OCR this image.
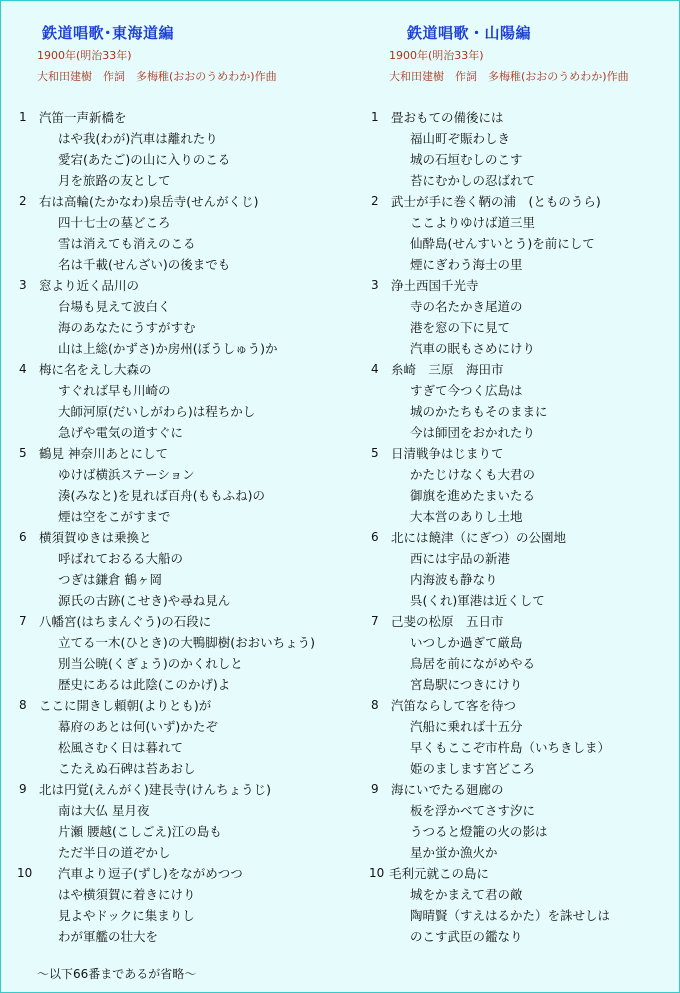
鉄道唱歌･東海道編
1900年(明治33年)
大和田建樹　作詞　多梅稚(おおのうめわか)作曲
1 汽笛一声新橋を
はや我(わが)汽車は離れたり
愛宕(あたご)の山に入りのこる
月を旅路の友として
2 右は高輪(たかなわ)泉岳寺(せんがくじ)
四十七士の墓どころ
雪は消えても消えのこる
名は千載(せんざい)の後までも
3 窓より近く品川の
台場も見えて波白く
海のあなたにうすがすむ
山は上総(かずさ)か房州(ぼうしゅう)か
4 梅に名をえし大森の
すぐれば早も川崎の
大師河原(だいしがわら)は程ちかし
急げや電気の道すぐに
5 鶴見 神奈川あとにして
ゆけば横浜ステーション
湊(みなと)を見れば百舟(ももふね)の
煙は空をこがすまで
6 横須賀ゆきは乗換と
呼ばれておるる大船の
つぎは鎌倉 鶴ヶ岡
源氏の古跡(こせき)や尋ね見ん
7 八幡宮(はちまんぐう)の石段に
立てる一木(ひとき)の大鴨脚樹(おおいちょう)
別当公暁(くぎょう)のかくれしと
歴史にあるは此陰(このかげ)よ
8 ここに開きし頼朝(よりとも)が
幕府のあとは何(いず)かたぞ
松風さむく日は暮れて
こたえぬ石碑は苔あおし
9 北は円覚(えんがく)建長寺(けんちょうじ)
南は大仏 星月夜
片瀬 腰越(こしごえ)江の島も
ただ半日の道ぞかし
10 汽車より逗子(ずし)をながめつつ
はや横須賀に着きにけり
見よやドックに集まりし
わが軍艦の壮大を
～以下66番まであるが省略～
鉄道唱歌・山陽編
1900年(明治33年)
大和田建樹　作詞　多梅稚(おおのうめわか)作曲
1 畳おもての備後には
福山町ぞ賑わしき
城の石垣むしのこす
苔にむかしの忍ばれて
2 武士が手に巻く鞆の浦　(とものうら)
ここよりゆけば道三里
仙酔島(せんすいとう)を前にして
煙にぎわう海士の里
3 浄土西国千光寺
寺の名たかき尾道の
港を窓の下に見て
汽車の眠もさめにけり
4 糸崎　三原　海田市
すぎて今つく広島は
城のかたちもそのままに
今は師団をおかれたり
5 日清戦争はじまりて
かたじけなくも大君の
御旗を進めたまいたる
大本営のありし土地
6 北には饒津（にぎつ）の公園地
西には宇品の新港
内海波も静なり
呉(くれ)軍港は近くして
7 己斐の松原　五日市
いつしか過ぎて厳島
鳥居を前にながめやる
宮島駅につきにけり
8 汽笛ならして客を待つ
汽船に乗れば十五分
早くもここぞ市杵島（いちきしま）
姫のまします宮どころ
9 海にいでたる廻廊の
板を浮かべてさす汐に
うつると燈籠の火の影は
星か蛍か漁火か
10 毛利元就この島に
城をかまえて君の敵
陶晴賢（すえはるかた）を誅せしは
のこす武臣の鑑なり
